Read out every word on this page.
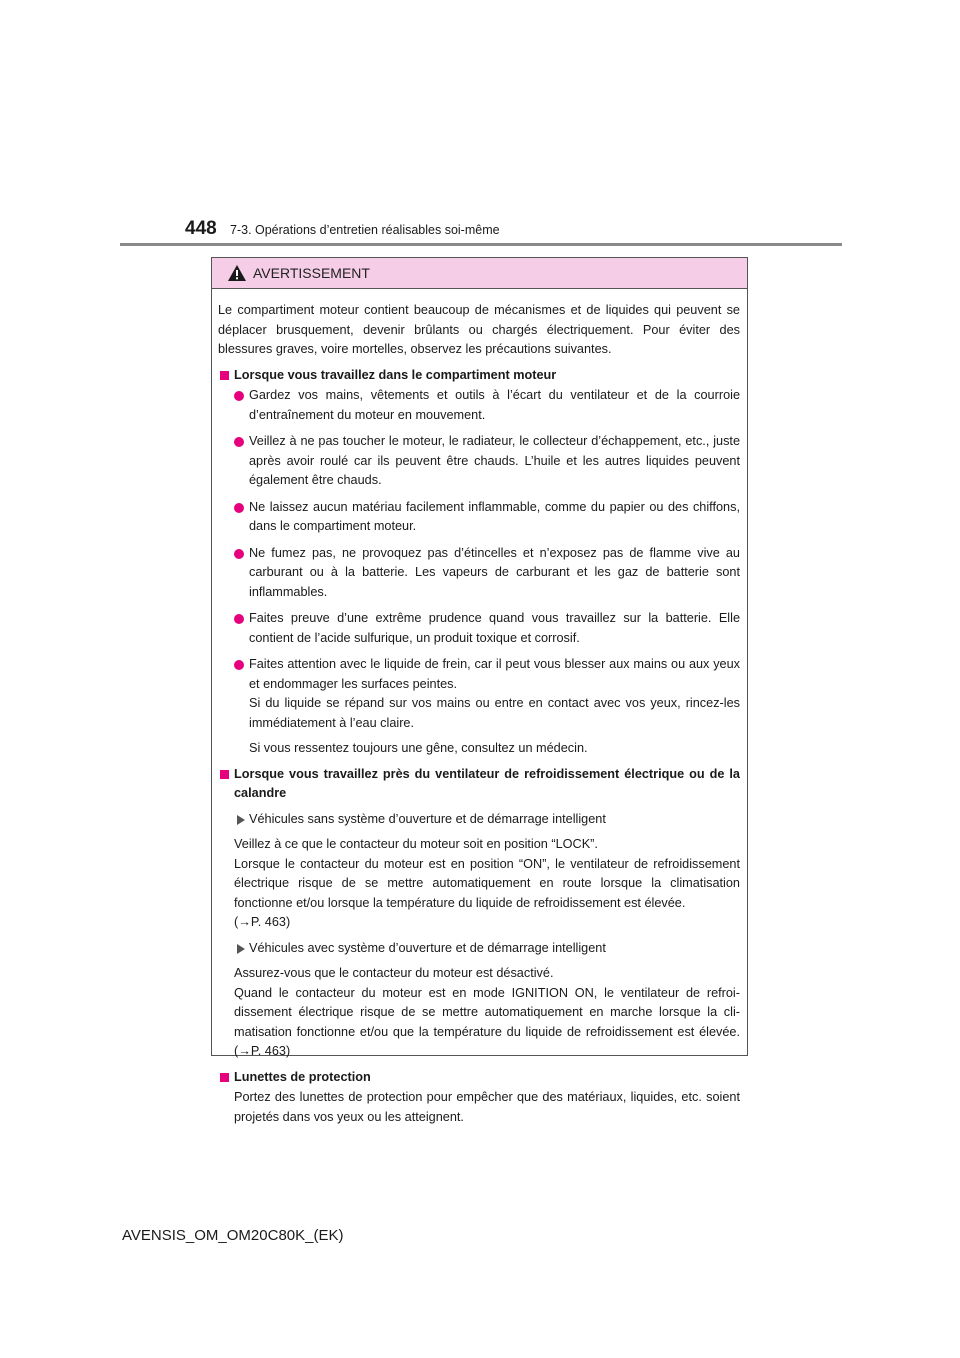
448 7-3. Opérations d’entretien réalisables soi-même
AVERTISSEMENT

Le compartiment moteur contient beaucoup de mécanismes et de liquides qui peuvent se déplacer brusquement, devenir brûlants ou chargés électriquement. Pour éviter des blessures graves, voire mortelles, observez les précautions suivantes.

Lorsque vous travaillez dans le compartiment moteur
Gardez vos mains, vêtements et outils à l’écart du ventilateur et de la courroie d’entraînement du moteur en mouvement.
Veillez à ne pas toucher le moteur, le radiateur, le collecteur d’échappement, etc., juste après avoir roulé car ils peuvent être chauds. L’huile et les autres liquides peuvent également être chauds.
Ne laissez aucun matériau facilement inflammable, comme du papier ou des chiffons, dans le compartiment moteur.
Ne fumez pas, ne provoquez pas d’étincelles et n’exposez pas de flamme vive au carburant ou à la batterie. Les vapeurs de carburant et les gaz de batterie sont inflammables.
Faites preuve d’une extrême prudence quand vous travaillez sur la batterie. Elle contient de l’acide sulfurique, un produit toxique et corrosif.
Faites attention avec le liquide de frein, car il peut vous blesser aux mains ou aux yeux et endommager les surfaces peintes.
Si du liquide se répand sur vos mains ou entre en contact avec vos yeux, rincez-les immédiatement à l’eau claire.
Si vous ressentez toujours une gêne, consultez un médecin.
Lorsque vous travaillez près du ventilateur de refroidissement électrique ou de la calandre
Véhicules sans système d’ouverture et de démarrage intelligent
Veillez à ce que le contacteur du moteur soit en position “LOCK”.
Lorsque le contacteur du moteur est en position “ON”, le ventilateur de refroidissement électrique risque de se mettre automatiquement en route lorsque la climatisation fonctionne et/ou lorsque la température du liquide de refroidissement est élevée.
(→P. 463)
Véhicules avec système d’ouverture et de démarrage intelligent
Assurez-vous que le contacteur du moteur est désactivé.
Quand le contacteur du moteur est en mode IGNITION ON, le ventilateur de refroidissement électrique risque de se mettre automatiquement en marche lorsque la climatisation fonctionne et/ou que la température du liquide de refroidissement est élevée. (→P. 463)
Lunettes de protection
Portez des lunettes de protection pour empêcher que des matériaux, liquides, etc. soient projetés dans vos yeux ou les atteignent.
AVENSIS_OM_OM20C80K_(EK)
